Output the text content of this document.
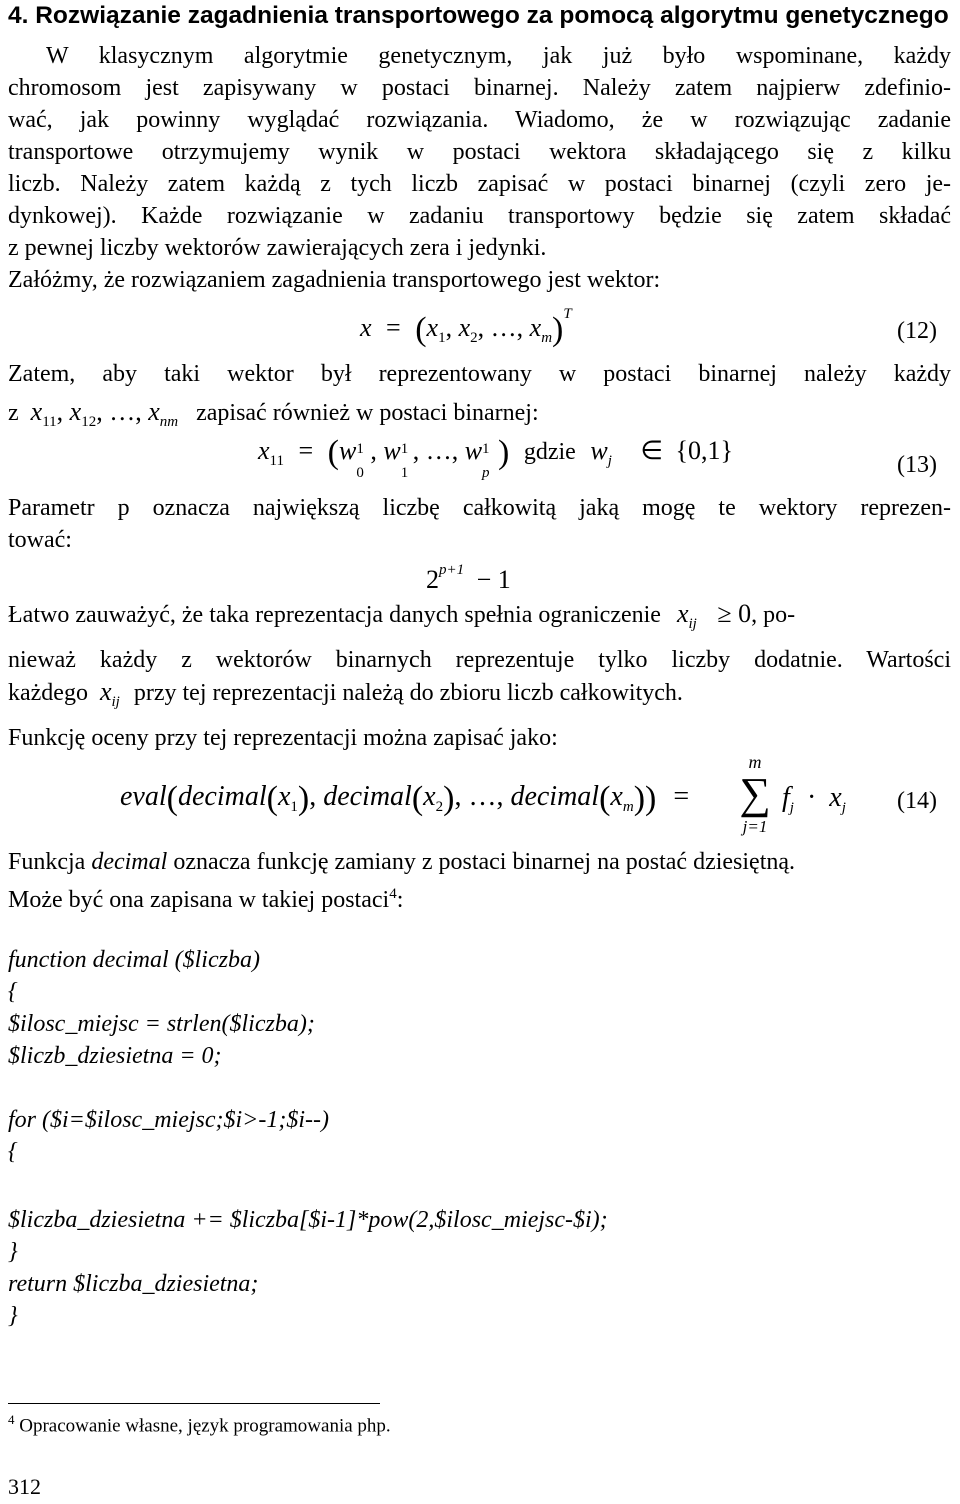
4. Rozwiązanie zagadnienia transportowego za pomocą algorytmu genetycznego
W klasycznym algorytmie genetycznym, jak już było wspominane, każdy
chromosom jest zapisywany w postaci binarnej. Należy zatem najpierw zdefinio-
wać, jak powinny wyglądać rozwiązania. Wiadomo, że w rozwiązując zadanie
transportowe otrzymujemy wynik w postaci wektora składającego się z kilku
liczb. Należy zatem każdą z tych liczb zapisać w postaci binarnej (czyli zero je-
dynkowej). Każde rozwiązanie w zadaniu transportowy będzie się zatem składać
z pewnej liczby wektorów zawierających zera i jedynki.
Załóżmy, że rozwiązaniem zagadnienia transportowego jest wektor:
$x = (x_1$, $x_2$, …, $x_m)^T$
(12)
Zatem, aby taki wektor był reprezentowany w postaci binarnej należy każdy
z $x_{11}$, $x_{12}$, …, $x_{nm}$ zapisać również w postaci binarnej:
$x_{11} = (w$ 1
0
, w 1
1
, …, w 1
p
) gdzie $w_j$ ∈ {0,1}	(13)
Parametr p oznacza największą liczbę całkowitą jaką mogę te wektory reprezen-
tować:
$2^{p+1} - 1$
Łatwo zauważyć, że taka reprezentacja danych spełnia ograniczenie $x_{ij} \ge 0$, po-
nieważ każdy z wektorów binarnych reprezentuje tylko liczby dodatnie. Wartości
każdego $x_{ij}$ przy tej reprezentacji należą do zbioru liczb całkowitych.
Funkcję oceny przy tej reprezentacji można zapisać jako:
$eval(decimal(x_1)$, $decimal(x_2)$, …, $decimal(x_m)$) =
m
∑
j=1
$f_j \cdot x_j$ (14)
Funkcja decimal oznacza funkcję zamiany z postaci binarnej na postać dziesiętną.
Może być ona zapisana w takiej postaci$^4$:
function decimal ($liczba)
{
$ilosc_miejsc = strlen($liczba);
$liczb_dziesietna = 0;
for ($i=$ilosc_miejsc;$i>-1;$i--)
{
$liczba_dziesietna += $liczba[$i-1]*pow(2,$ilosc_miejsc-$i);
}
return $liczba_dziesietna;
}
$^4$ Opracowanie własne, język programowania php.
312
